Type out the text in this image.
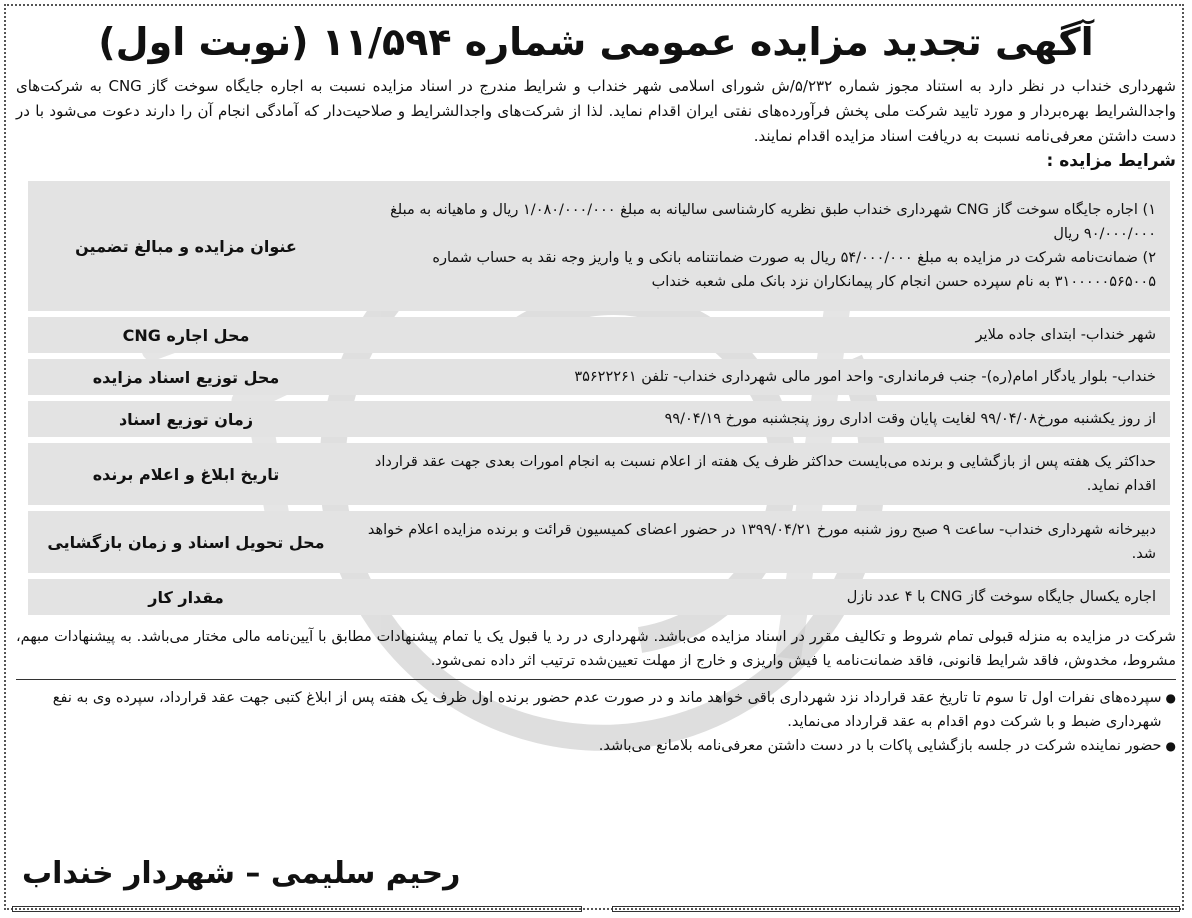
آگهی تجدید مزایده عمومی شماره ۱۱/۵۹۴ (نوبت اول)
شهرداری خنداب در نظر دارد به استناد مجوز شماره ۵/۲۳۲/ش شورای اسلامی شهر خنداب و شرایط مندرج در اسناد مزایده نسبت به اجاره جایگاه سوخت گاز CNG به شرکت‌های واجدالشرایط بهره‌بردار و مورد تایید شرکت ملی پخش فرآورده‌های نفتی ایران اقدام نماید. لذا از شرکت‌های واجدالشرایط و صلاحیت‌دار که آمادگی انجام آن را دارند دعوت می‌شود با در دست داشتن معرفی‌نامه نسبت به دریافت اسناد مزایده اقدام نمایند.
شرایط مزایده :
۱) اجاره جایگاه سوخت گاز CNG شهرداری خنداب طبق نظریه کارشناسی سالیانه به مبلغ ۱/۰۸۰/۰۰۰/۰۰۰ ریال و ماهیانه به مبلغ ۹۰/۰۰۰/۰۰۰ ریال
۲) ضمانت‌نامه شرکت در مزایده به مبلغ ۵۴/۰۰۰/۰۰۰ ریال به صورت ضمانتنامه بانکی و یا واریز وجه نقد به حساب شماره ۳۱۰۰۰۰۰۵۶۵۰۰۵ به نام سپرده حسن انجام کار پیمانکاران نزد بانک ملی شعبه خنداب	عنوان مزایده و مبالغ تضمین
شهر خنداب- ابتدای جاده ملایر	محل اجاره CNG
خنداب- بلوار یادگار امام(ره)- جنب فرمانداری- واحد امور مالی شهرداری خنداب- تلفن ۳۵۶۲۲۲۶۱	محل توزیع اسناد مزایده
از روز یکشنبه مورخ۹۹/۰۴/۰۸ لغایت پایان وقت اداری روز پنجشنبه مورخ ۹۹/۰۴/۱۹	زمان توزیع اسناد
حداکثر یک هفته پس از بازگشایی و برنده می‌بایست حداکثر ظرف یک هفته از اعلام نسبت به انجام امورات بعدی جهت عقد قرارداد اقدام نماید.	تاریخ ابلاغ و اعلام برنده
دبیرخانه شهرداری خنداب- ساعت ۹ صبح روز شنبه مورخ ۱۳۹۹/۰۴/۲۱ در حضور اعضای کمیسیون قرائت و برنده مزایده اعلام خواهد شد.	محل تحویل اسناد و زمان بازگشایی
اجاره یکسال جایگاه سوخت گاز CNG با ۴ عدد نازل	مقدار کار
شرکت در مزایده به منزله قبولی تمام شروط و تکالیف مقرر در اسناد مزایده می‌باشد. شهرداری در رد یا قبول یک یا تمام پیشنهادات مطابق با آیین‌نامه مالی مختار می‌باشد. به پیشنهادات مبهم، مشروط، مخدوش، فاقد شرایط قانونی، فاقد ضمانت‌نامه یا فیش واریزی و خارج از مهلت تعیین‌شده ترتیب اثر داده نمی‌شود.
●
سپرده‌های نفرات اول تا سوم تا تاریخ عقد قرارداد نزد شهرداری باقی خواهد ماند و در صورت عدم حضور برنده اول ظرف یک هفته پس از ابلاغ کتبی جهت عقد قرارداد، سپرده وی به نفع شهرداری ضبط و با شرکت دوم اقدام به عقد قرارداد می‌نماید.
●
حضور نماینده شرکت در جلسه بازگشایی پاکات با در دست داشتن معرفی‌نامه بلامانع می‌باشد.
رحیم سلیمی – شهردار خنداب
